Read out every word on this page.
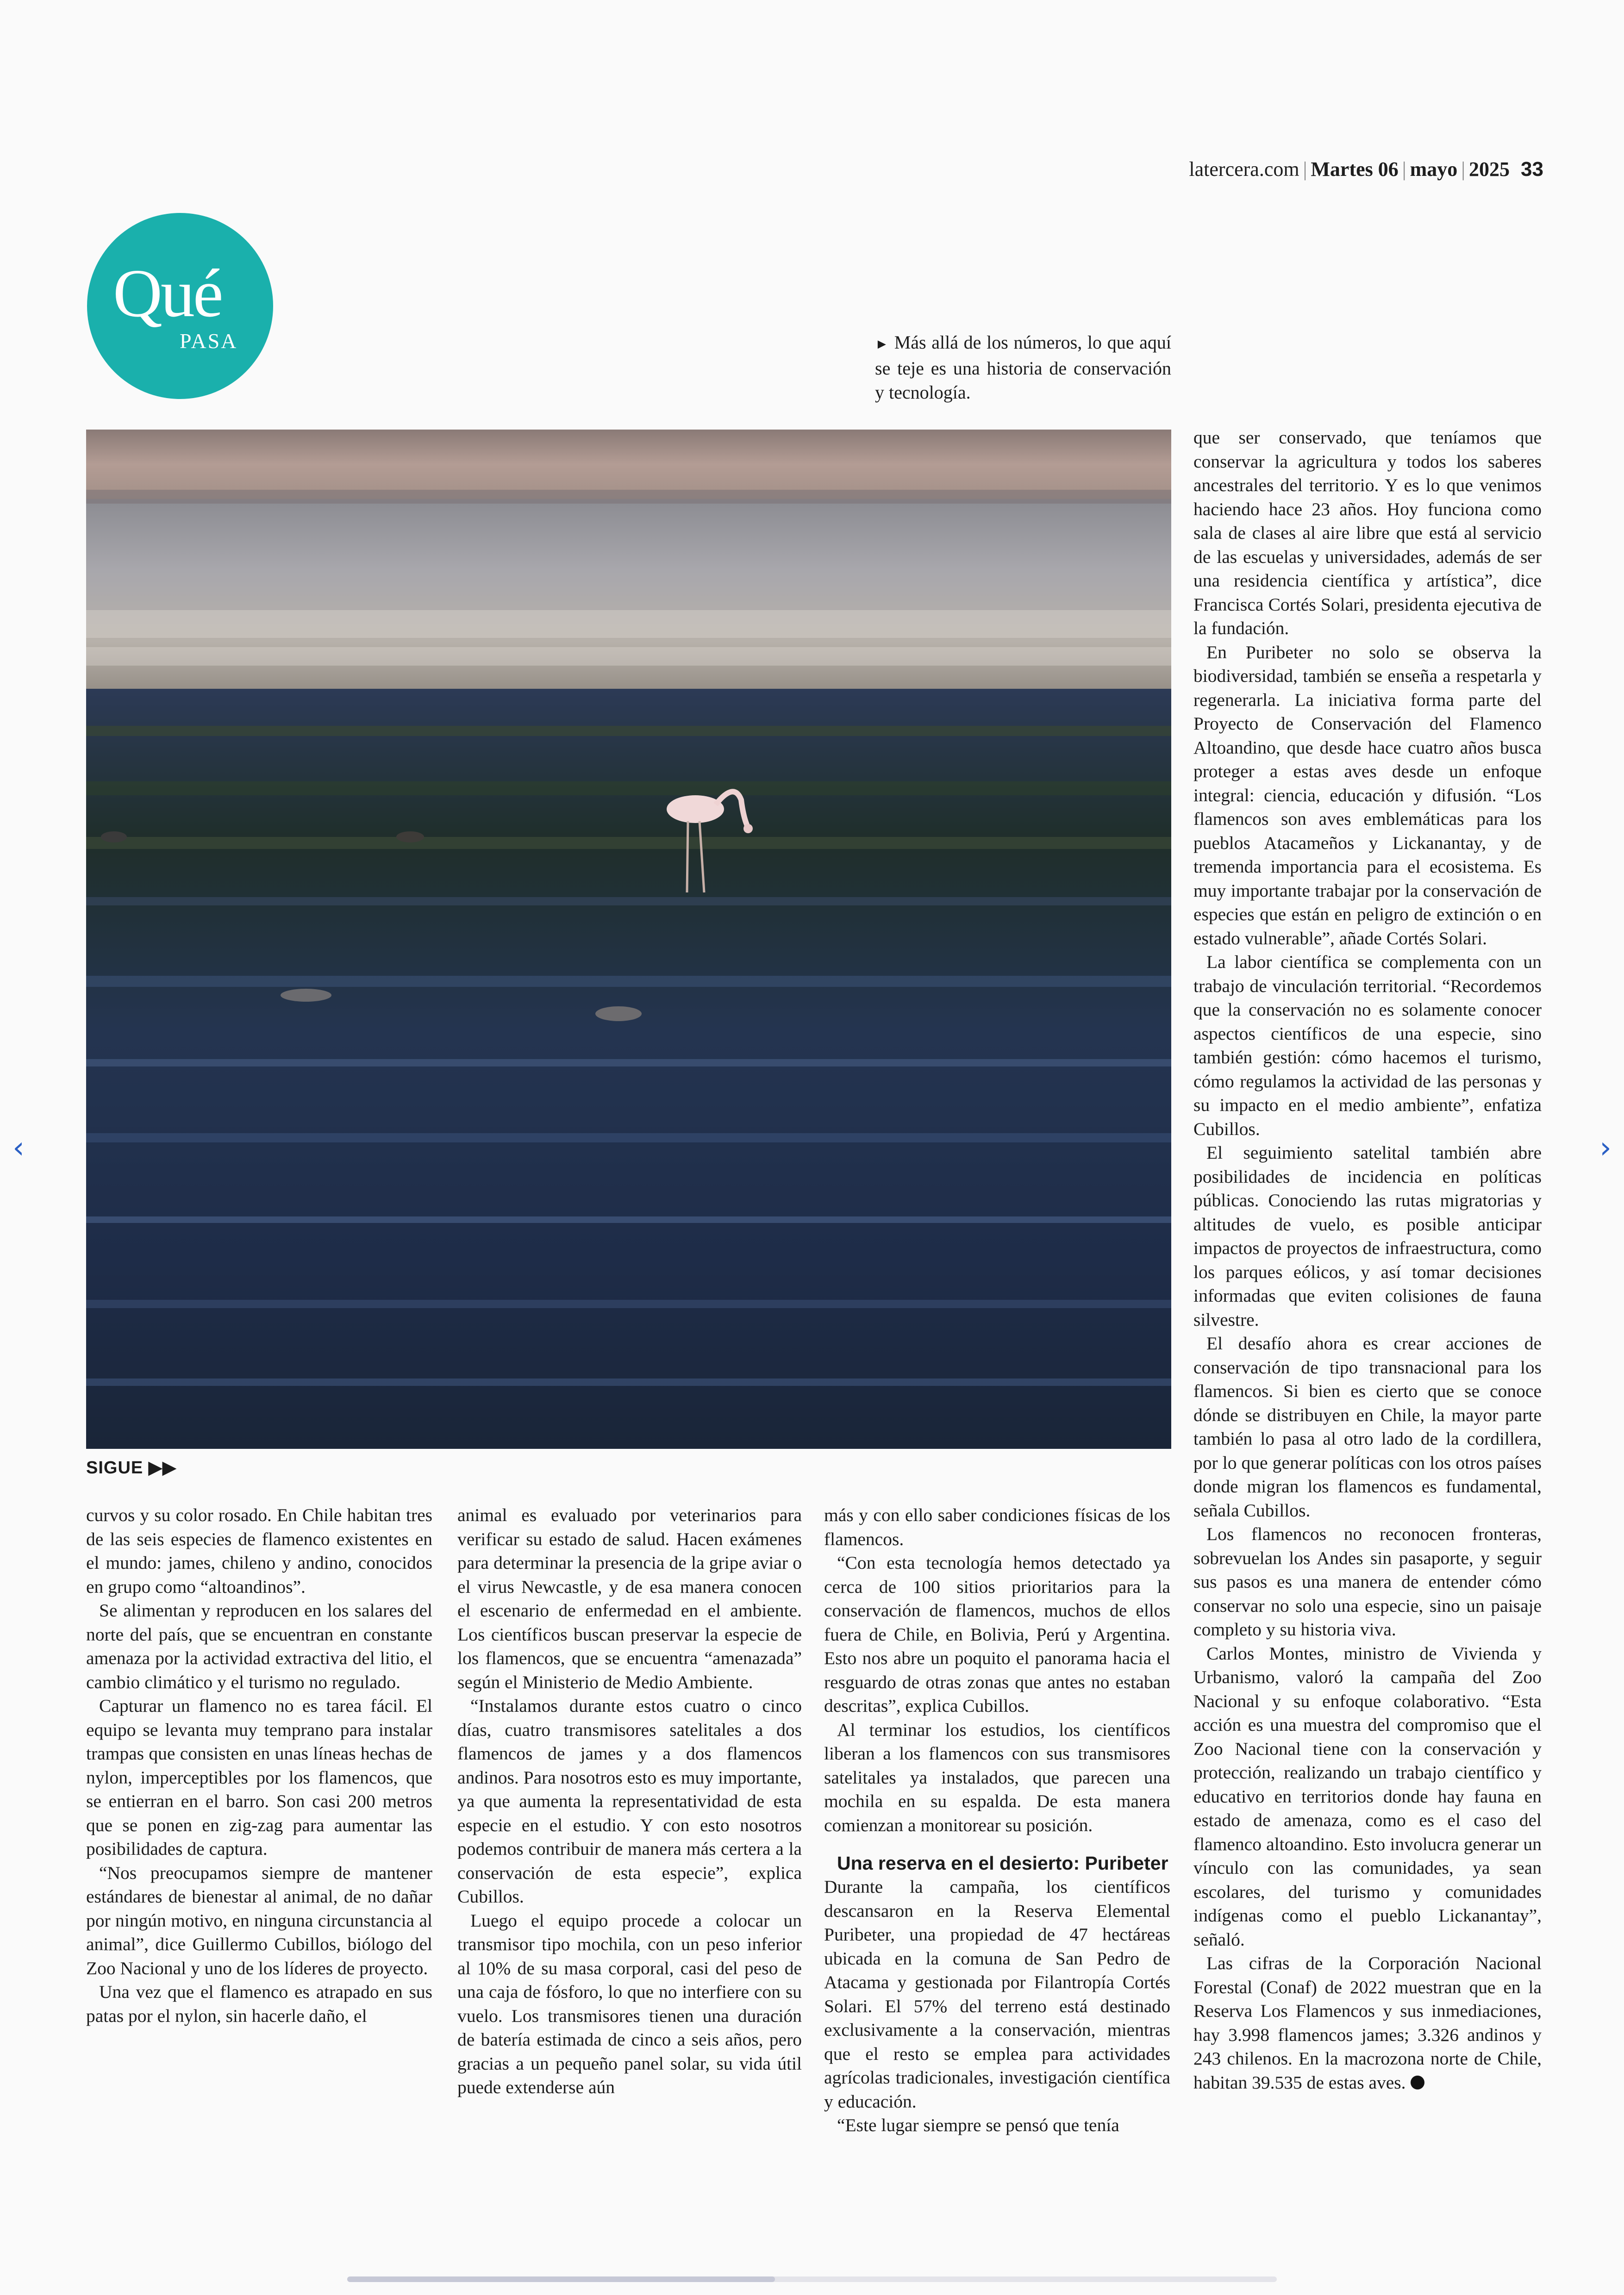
latercera.com | Martes 06 | mayo | 2025 33
Qué
PASA	► Más allá de los números, lo que aquí se teje es una historia de conservación y tecnología.
SIGUE ▶▶

curvos y su color rosado. En Chile habitan tres de las seis especies de flamenco existentes en el mundo: james, chileno y andino, conocidos en grupo como “altoandinos”.

Se alimentan y reproducen en los salares del norte del país, que se encuentran en constante amenaza por la actividad extractiva del litio, el cambio climático y el turismo no regulado.

Capturar un flamenco no es tarea fácil. El equipo se levanta muy temprano para instalar trampas que consisten en unas líneas hechas de nylon, imperceptibles por los flamencos, que se entierran en el barro. Son casi 200 metros que se ponen en zig-zag para aumentar las posibilidades de captura.

“Nos preocupamos siempre de mantener estándares de bienestar al animal, de no dañar por ningún motivo, en ninguna circunstancia al animal”, dice Guillermo Cubillos, biólogo del Zoo Nacional y uno de los líderes de proyecto.

Una vez que el flamenco es atrapado en sus patas por el nylon, sin hacerle daño, el

animal es evaluado por veterinarios para verificar su estado de salud. Hacen exámenes para determinar la presencia de la gripe aviar o el virus Newcastle, y de esa manera conocen el escenario de enfermedad en el ambiente. Los científicos buscan preservar la especie de los flamencos, que se encuentra “amenazada” según el Ministerio de Medio Ambiente.

“Instalamos durante estos cuatro o cinco días, cuatro transmisores satelitales a dos flamencos de james y a dos flamencos andinos. Para nosotros esto es muy importante, ya que aumenta la representatividad de esta especie en el estudio. Y con esto nosotros podemos contribuir de manera más certera a la conservación de esta especie”, explica Cubillos.

Luego el equipo procede a colocar un transmisor tipo mochila, con un peso inferior al 10% de su masa corporal, casi del peso de una caja de fósforo, lo que no interfiere con su vuelo. Los transmisores tienen una duración de batería estimada de cinco a seis años, pero gracias a un pequeño panel solar, su vida útil puede extenderse aún

más y con ello saber condiciones físicas de los flamencos.

“Con esta tecnología hemos detectado ya cerca de 100 sitios prioritarios para la conservación de flamencos, muchos de ellos fuera de Chile, en Bolivia, Perú y Argentina. Esto nos abre un poquito el panorama hacia el resguardo de otras zonas que antes no estaban descritas”, explica Cubillos.

Al terminar los estudios, los científicos liberan a los flamencos con sus transmisores satelitales ya instalados, que parecen una mochila en su espalda. De esta manera comienzan a monitorear su posición.

Una reserva en el desierto: Puribeter

Durante la campaña, los científicos descansaron en la Reserva Elemental Puribeter, una propiedad de 47 hectáreas ubicada en la comuna de San Pedro de Atacama y gestionada por Filantropía Cortés Solari. El 57% del terreno está destinado exclusivamente a la conservación, mientras que el resto se emplea para actividades agrícolas tradicionales, investigación científica y educación.

“Este lugar siempre se pensó que tenía

que ser conservado, que teníamos que conservar la agricultura y todos los saberes ancestrales del territorio. Y es lo que venimos haciendo hace 23 años. Hoy funciona como sala de clases al aire libre que está al servicio de las escuelas y universidades, además de ser una residencia científica y artística”, dice Francisca Cortés Solari, presidenta ejecutiva de la fundación.

En Puribeter no solo se observa la biodiversidad, también se enseña a respetarla y regenerarla. La iniciativa forma parte del Proyecto de Conservación del Flamenco Altoandino, que desde hace cuatro años busca proteger a estas aves desde un enfoque integral: ciencia, educación y difusión. “Los flamencos son aves emblemáticas para los pueblos Atacameños y Lickanantay, y de tremenda importancia para el ecosistema. Es muy importante trabajar por la conservación de especies que están en peligro de extinción o en estado vulnerable”, añade Cortés Solari.

La labor científica se complementa con un trabajo de vinculación territorial. “Recordemos que la conservación no es solamente conocer aspectos científicos de una especie, sino también gestión: cómo hacemos el turismo, cómo regulamos la actividad de las personas y su impacto en el medio ambiente”, enfatiza Cubillos.

El seguimiento satelital también abre posibilidades de incidencia en políticas públicas. Conociendo las rutas migratorias y altitudes de vuelo, es posible anticipar impactos de proyectos de infraestructura, como los parques eólicos, y así tomar decisiones informadas que eviten colisiones de fauna silvestre.

El desafío ahora es crear acciones de conservación de tipo transnacional para los flamencos. Si bien es cierto que se conoce dónde se distribuyen en Chile, la mayor parte también lo pasa al otro lado de la cordillera, por lo que generar políticas con los otros países donde migran los flamencos es fundamental, señala Cubillos.

Los flamencos no reconocen fronteras, sobrevuelan los Andes sin pasaporte, y seguir sus pasos es una manera de entender cómo conservar no solo una especie, sino un paisaje completo y su historia viva.

Carlos Montes, ministro de Vivienda y Urbanismo, valoró la campaña del Zoo Nacional y su enfoque colaborativo. “Esta acción es una muestra del compromiso que el Zoo Nacional tiene con la conservación y protección, realizando un trabajo científico y educativo en territorios donde hay fauna en estado de amenaza, como es el caso del flamenco altoandino. Esto involucra generar un vínculo con las comunidades, ya sean escolares, del turismo y comunidades indígenas como el pueblo Lickanantay”, señaló.

Las cifras de la Corporación Nacional Forestal (Conaf) de 2022 muestran que en la Reserva Los Flamencos y sus inmediaciones, hay 3.998 flamencos james; 3.326 andinos y 243 chilenos. En la macrozona norte de Chile, habitan 39.535 de estas aves.

‹	›
